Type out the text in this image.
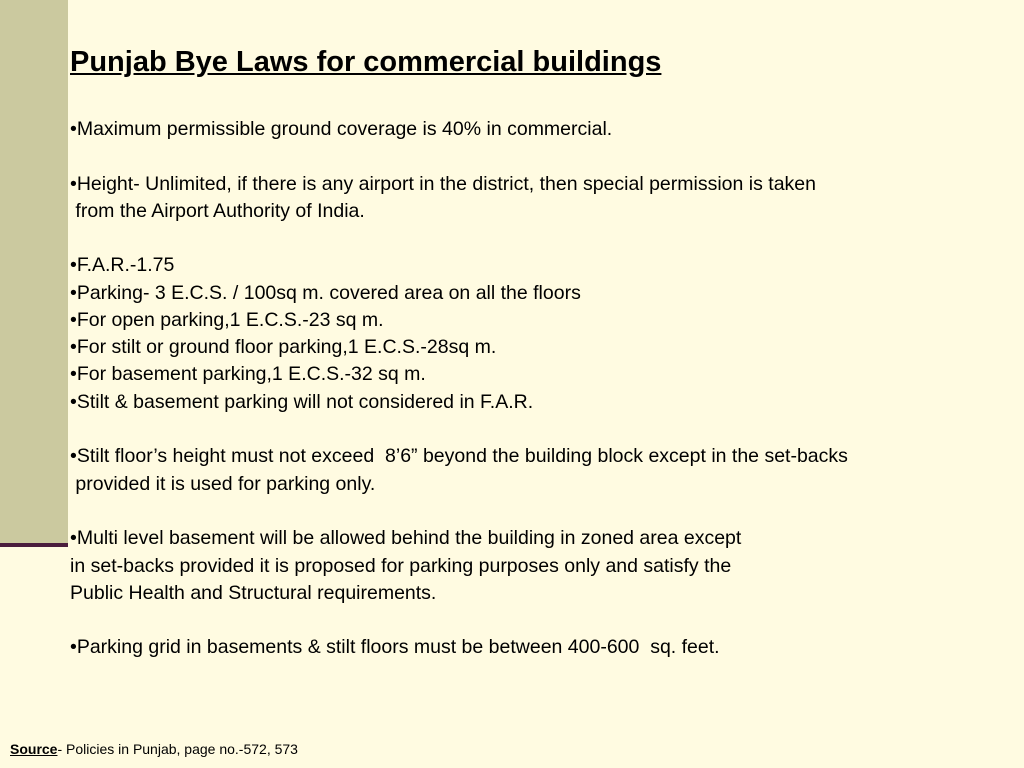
Punjab Bye Laws for commercial buildings

•Maximum permissible ground coverage is 40% in commercial.

•Height- Unlimited, if there is any airport in the district, then special permission is taken

from the Airport Authority of India.

•F.A.R.-1.75

•Parking- 3 E.C.S. / 100sq m. covered area on all the floors

•For open parking,1 E.C.S.-23 sq m.

•For stilt or ground floor parking,1 E.C.S.-28sq m.

•For basement parking,1 E.C.S.-32 sq m.

•Stilt & basement parking will not considered in F.A.R.

•Stilt floor’s height must not exceed  8’6” beyond the building block except in the set-backs

provided it is used for parking only.

•Multi level basement will be allowed behind the building in zoned area except

in set-backs provided it is proposed for parking purposes only and satisfy the

Public Health and Structural requirements.

•Parking grid in basements & stilt floors must be between 400-600  sq. feet.

Source- Policies in Punjab, page no.-572, 573
